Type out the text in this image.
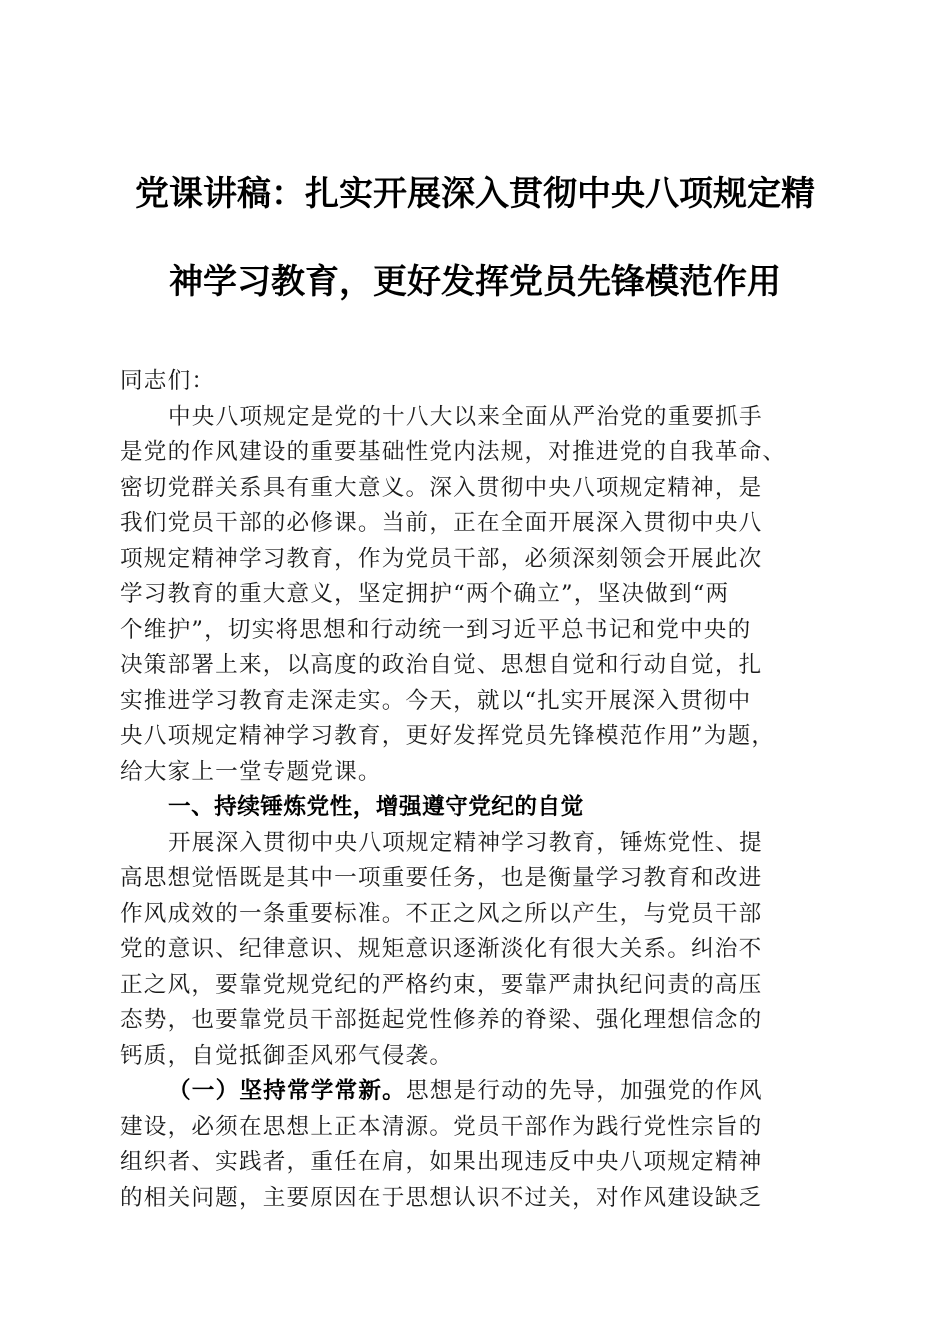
党课讲稿：扎实开展深入贯彻中央八项规定精
神学习教育，更好发挥党员先锋模范作用

同志们：

中央八项规定是党的十八大以来全面从严治党的重要抓手

是党的作风建设的重要基础性党内法规，对推进党的自我革命、

密切党群关系具有重大意义。深入贯彻中央八项规定精神，是

我们党员干部的必修课。当前，正在全面开展深入贯彻中央八

项规定精神学习教育，作为党员干部，必须深刻领会开展此次

学习教育的重大意义，坚定拥护“两个确立”，坚决做到“两

个维护”，切实将思想和行动统一到习近平总书记和党中央的

决策部署上来，以高度的政治自觉、思想自觉和行动自觉，扎

实推进学习教育走深走实。今天，就以“扎实开展深入贯彻中

央八项规定精神学习教育，更好发挥党员先锋模范作用”为题，

给大家上一堂专题党课。

一、持续锤炼党性，增强遵守党纪的自觉

开展深入贯彻中央八项规定精神学习教育，锤炼党性、提

高思想觉悟既是其中一项重要任务，也是衡量学习教育和改进

作风成效的一条重要标准。不正之风之所以产生，与党员干部

党的意识、纪律意识、规矩意识逐渐淡化有很大关系。纠治不

正之风，要靠党规党纪的严格约束，要靠严肃执纪问责的高压

态势，也要靠党员干部挺起党性修养的脊梁、强化理想信念的

钙质，自觉抵御歪风邪气侵袭。

（一）坚持常学常新。思想是行动的先导，加强党的作风

建设，必须在思想上正本清源。党员干部作为践行党性宗旨的

组织者、实践者，重任在肩，如果出现违反中央八项规定精神

的相关问题，主要原因在于思想认识不过关，对作风建设缺乏
